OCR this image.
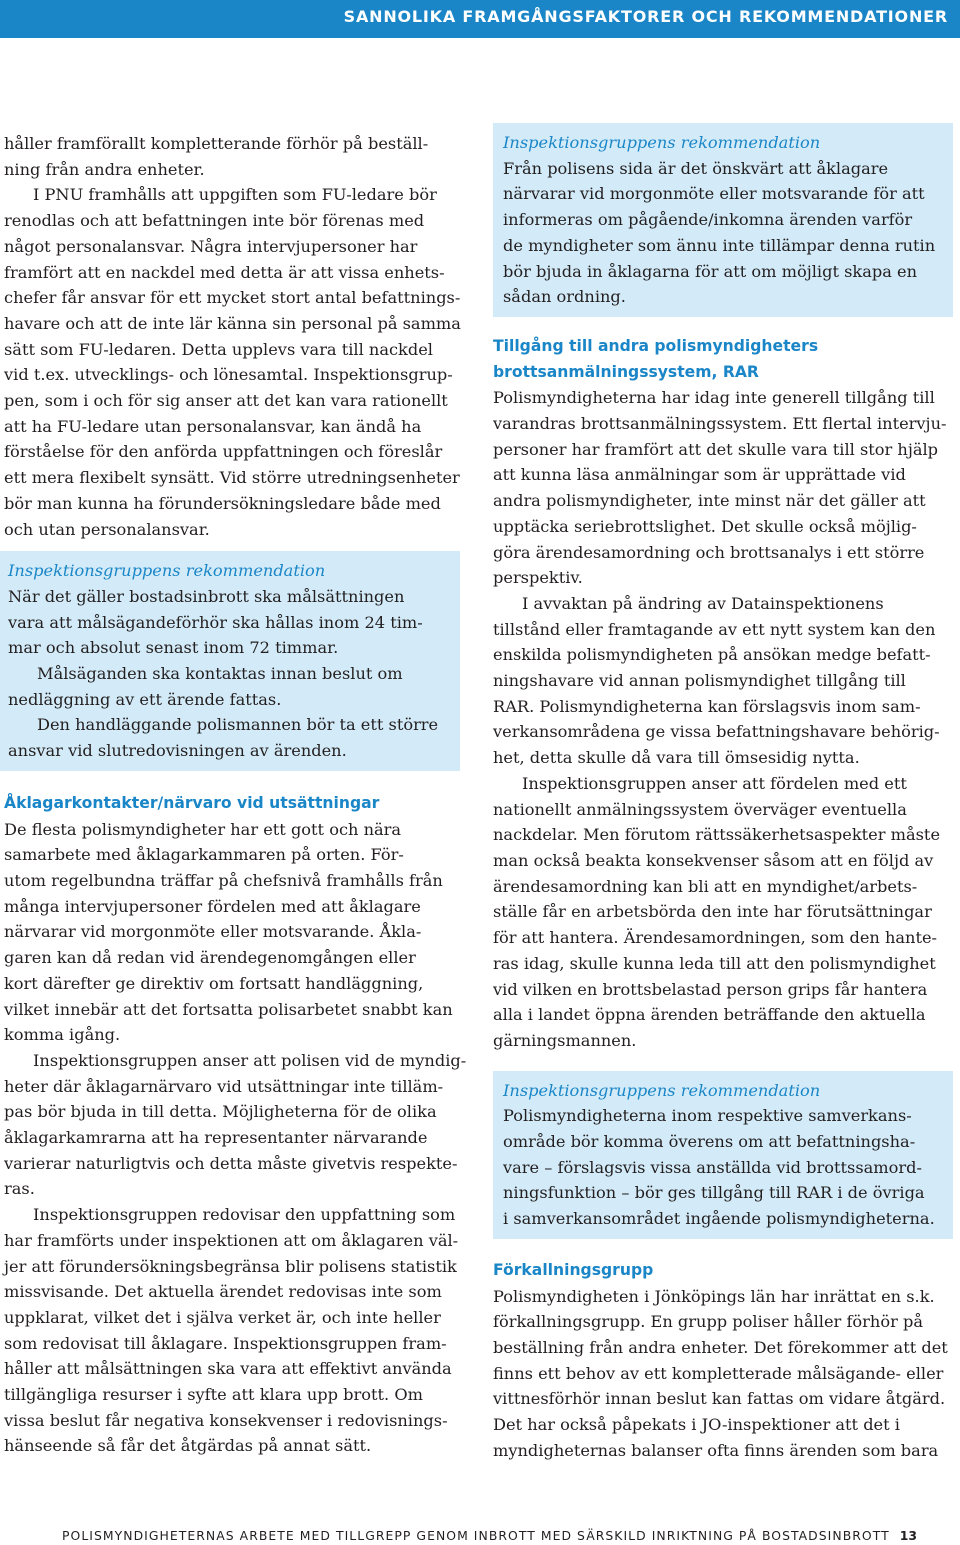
SANNOLIKA FRAMGÅNGSFAKTORER OCH REKOMMENDATIONER
håller framförallt kompletterande förhör på beställ-
ning från andra enheter.
I PNU framhålls att uppgiften som FU-ledare bör
renodlas och att befattningen inte bör förenas med
något personalansvar. Några intervjupersoner har
framfört att en nackdel med detta är att vissa enhets-
chefer får ansvar för ett mycket stort antal befattnings-
havare och att de inte lär känna sin personal på samma
sätt som FU-ledaren. Detta upplevs vara till nackdel
vid t.ex. utvecklings- och lönesamtal. Inspektionsgrup-
pen, som i och för sig anser att det kan vara rationellt
att ha FU-ledare utan personalansvar, kan ändå ha
förståelse för den anförda uppfattningen och föreslår
ett mera flexibelt synsätt. Vid större utredningsenheter
bör man kunna ha förundersökningsledare både med
och utan personalansvar.
Inspektionsgruppens rekommendation
När det gäller bostadsinbrott ska målsättningen
vara att målsägandeförhör ska hållas inom 24 tim-
mar och absolut senast inom 72 timmar.
Målsäganden ska kontaktas innan beslut om
nedläggning av ett ärende fattas.
Den handläggande polismannen bör ta ett större
ansvar vid slutredovisningen av ärenden.
Åklagarkontakter/närvaro vid utsättningar
De flesta polismyndigheter har ett gott och nära
samarbete med åklagarkammaren på orten. För-
utom regelbundna träffar på chefsnivå framhålls från
många intervjupersoner fördelen med att åklagare
närvarar vid morgonmöte eller motsvarande. Åkla-
garen kan då redan vid ärendegenomgången eller
kort därefter ge direktiv om fortsatt handläggning,
vilket innebär att det fortsatta polisarbetet snabbt kan
komma igång.
Inspektionsgruppen anser att polisen vid de myndig-
heter där åklagarnärvaro vid utsättningar inte tilläm-
pas bör bjuda in till detta. Möjligheterna för de olika
åklagarkamrarna att ha representanter närvarande
varierar naturligtvis och detta måste givetvis respekte-
ras.
Inspektionsgruppen redovisar den uppfattning som
har framförts under inspektionen att om åklagaren väl-
jer att förundersökningsbegränsa blir polisens statistik
missvisande. Det aktuella ärendet redovisas inte som
uppklarat, vilket det i själva verket är, och inte heller
som redovisat till åklagare. Inspektionsgruppen fram-
håller att målsättningen ska vara att effektivt använda
tillgängliga resurser i syfte att klara upp brott. Om
vissa beslut får negativa konsekvenser i redovisnings-
hänseende så får det åtgärdas på annat sätt.
Inspektionsgruppens rekommendation
Från polisens sida är det önskvärt att åklagare
närvarar vid morgonmöte eller motsvarande för att
informeras om pågående/inkomna ärenden varför
de myndigheter som ännu inte tillämpar denna rutin
bör bjuda in åklagarna för att om möjligt skapa en
sådan ordning.
Tillgång till andra polismyndigheters
brottsanmälningssystem, RAR
Polismyndigheterna har idag inte generell tillgång till
varandras brottsanmälningssystem. Ett flertal intervju-
personer har framfört att det skulle vara till stor hjälp
att kunna läsa anmälningar som är upprättade vid
andra polismyndigheter, inte minst när det gäller att
upptäcka seriebrottslighet. Det skulle också möjlig-
göra ärendesamordning och brottsanalys i ett större
perspektiv.
I avvaktan på ändring av Datainspektionens
tillstånd eller framtagande av ett nytt system kan den
enskilda polismyndigheten på ansökan medge befatt-
ningshavare vid annan polismyndighet tillgång till
RAR. Polismyndigheterna kan förslagsvis inom sam-
verkansområdena ge vissa befattningshavare behörig-
het, detta skulle då vara till ömsesidig nytta.
Inspektionsgruppen anser att fördelen med ett
nationellt anmälningssystem överväger eventuella
nackdelar. Men förutom rättssäkerhetsaspekter måste
man också beakta konsekvenser såsom att en följd av
ärendesamordning kan bli att en myndighet/arbets-
ställe får en arbetsbörda den inte har förutsättningar
för att hantera. Ärendesamordningen, som den hante-
ras idag, skulle kunna leda till att den polismyndighet
vid vilken en brottsbelastad person grips får hantera
alla i landet öppna ärenden beträffande den aktuella
gärningsmannen.
Inspektionsgruppens rekommendation
Polismyndigheterna inom respektive samverkans-
område bör komma överens om att befattningsha-
vare – förslagsvis vissa anställda vid brottssamord-
ningsfunktion – bör ges tillgång till RAR i de övriga
i samverkansområdet ingående polismyndigheterna.
Förkallningsgrupp
Polismyndigheten i Jönköpings län har inrättat en s.k.
förkallningsgrupp. En grupp poliser håller förhör på
beställning från andra enheter. Det förekommer att det
finns ett behov av ett kompletterade målsägande- eller
vittnesförhör innan beslut kan fattas om vidare åtgärd.
Det har också påpekats i JO-inspektioner att det i
myndigheternas balanser ofta finns ärenden som bara
POLISMYNDIGHETERNAS ARBETE MED TILLGREPP GENOM INBROTT MED SÄRSKILD INRIKTNING PÅ BOSTADSINBROTT 13
